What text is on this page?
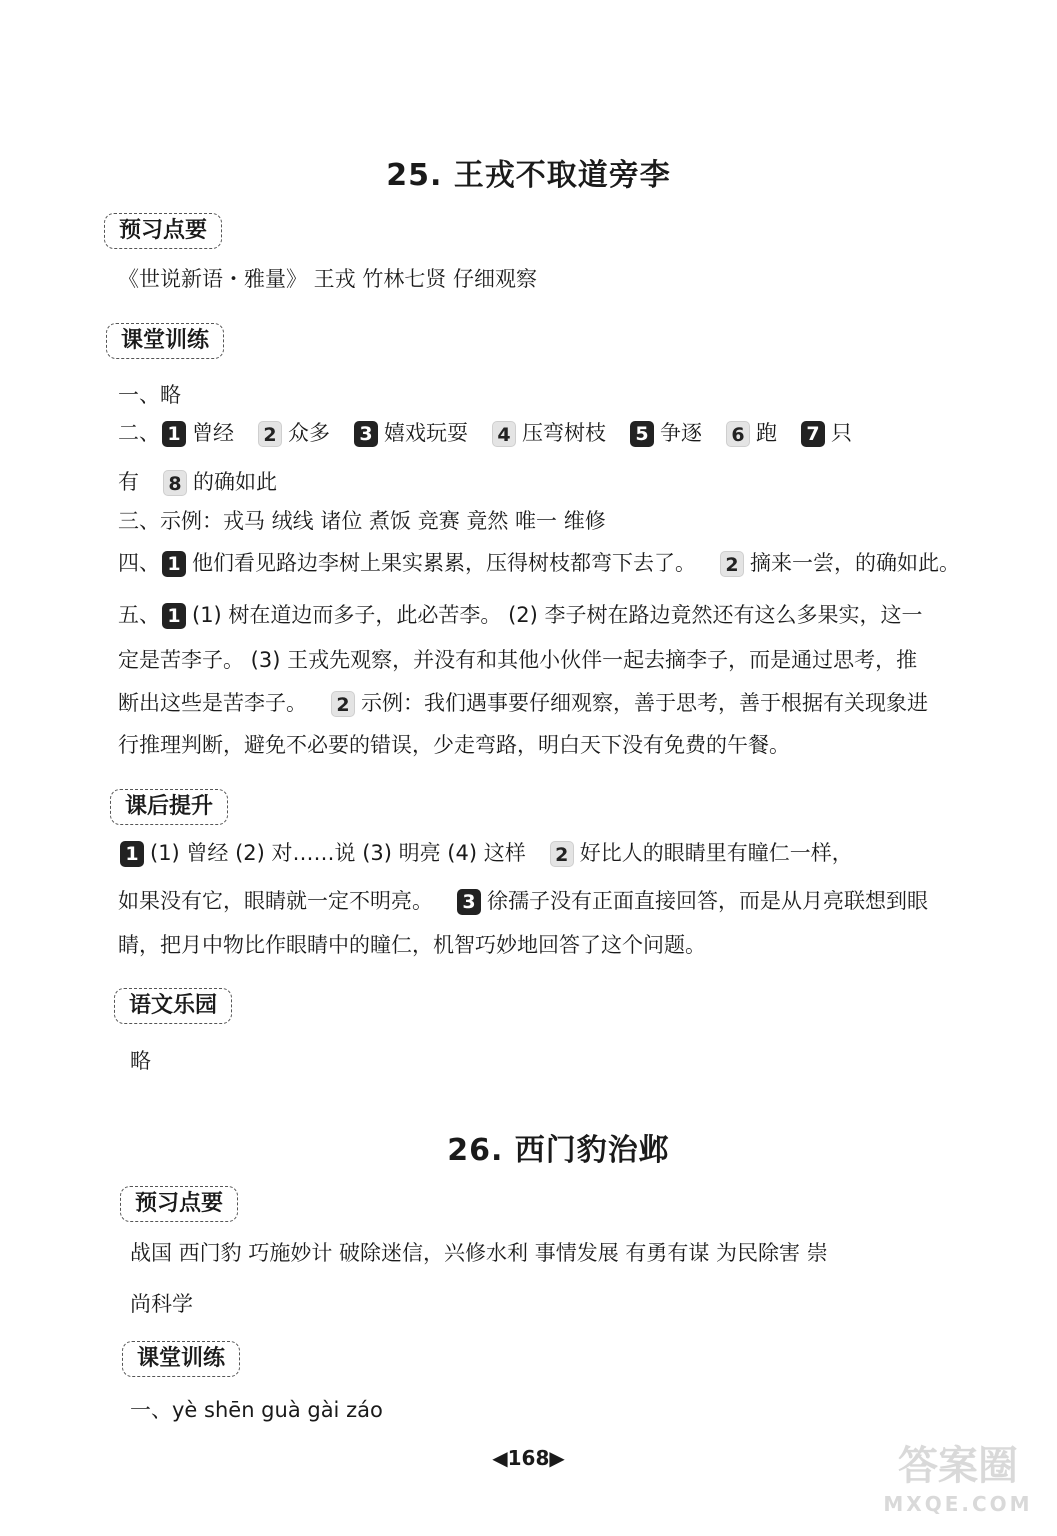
25. 王戎不取道旁李
预习点要
《世说新语・雅量》 王戎 竹林七贤 仔细观察
课堂训练
一、略
二、 1 曾经 2 众多 3 嬉戏玩耍 4 压弯树枝 5 争逐 6 跑 7 只
有 8 的确如此
三、示例：戎马 绒线 诸位 煮饭 竞赛 竟然 唯一 维修
四、 1 他们看见路边李树上果实累累，压得树枝都弯下去了。 2 摘来一尝，的确如此。
五、 1 (1) 树在道边而多子，此必苦李。 (2) 李子树在路边竟然还有这么多果实，这一
定是苦李子。 (3) 王戎先观察，并没有和其他小伙伴一起去摘李子，而是通过思考，推
断出这些是苦李子。 2 示例：我们遇事要仔细观察，善于思考，善于根据有关现象进
行推理判断，避免不必要的错误，少走弯路，明白天下没有免费的午餐。
课后提升
1 (1) 曾经 (2) 对……说 (3) 明亮 (4) 这样 2 好比人的眼睛里有瞳仁一样，
如果没有它，眼睛就一定不明亮。 3 徐孺子没有正面直接回答，而是从月亮联想到眼
睛，把月中物比作眼睛中的瞳仁，机智巧妙地回答了这个问题。
语文乐园
略
26. 西门豹治邺
预习点要
战国 西门豹 巧施妙计 破除迷信，兴修水利 事情发展 有勇有谋 为民除害 崇
尚科学
课堂训练
一、yè shēn guà gài záo
◀168▶	答案圈
MXQE.COM
